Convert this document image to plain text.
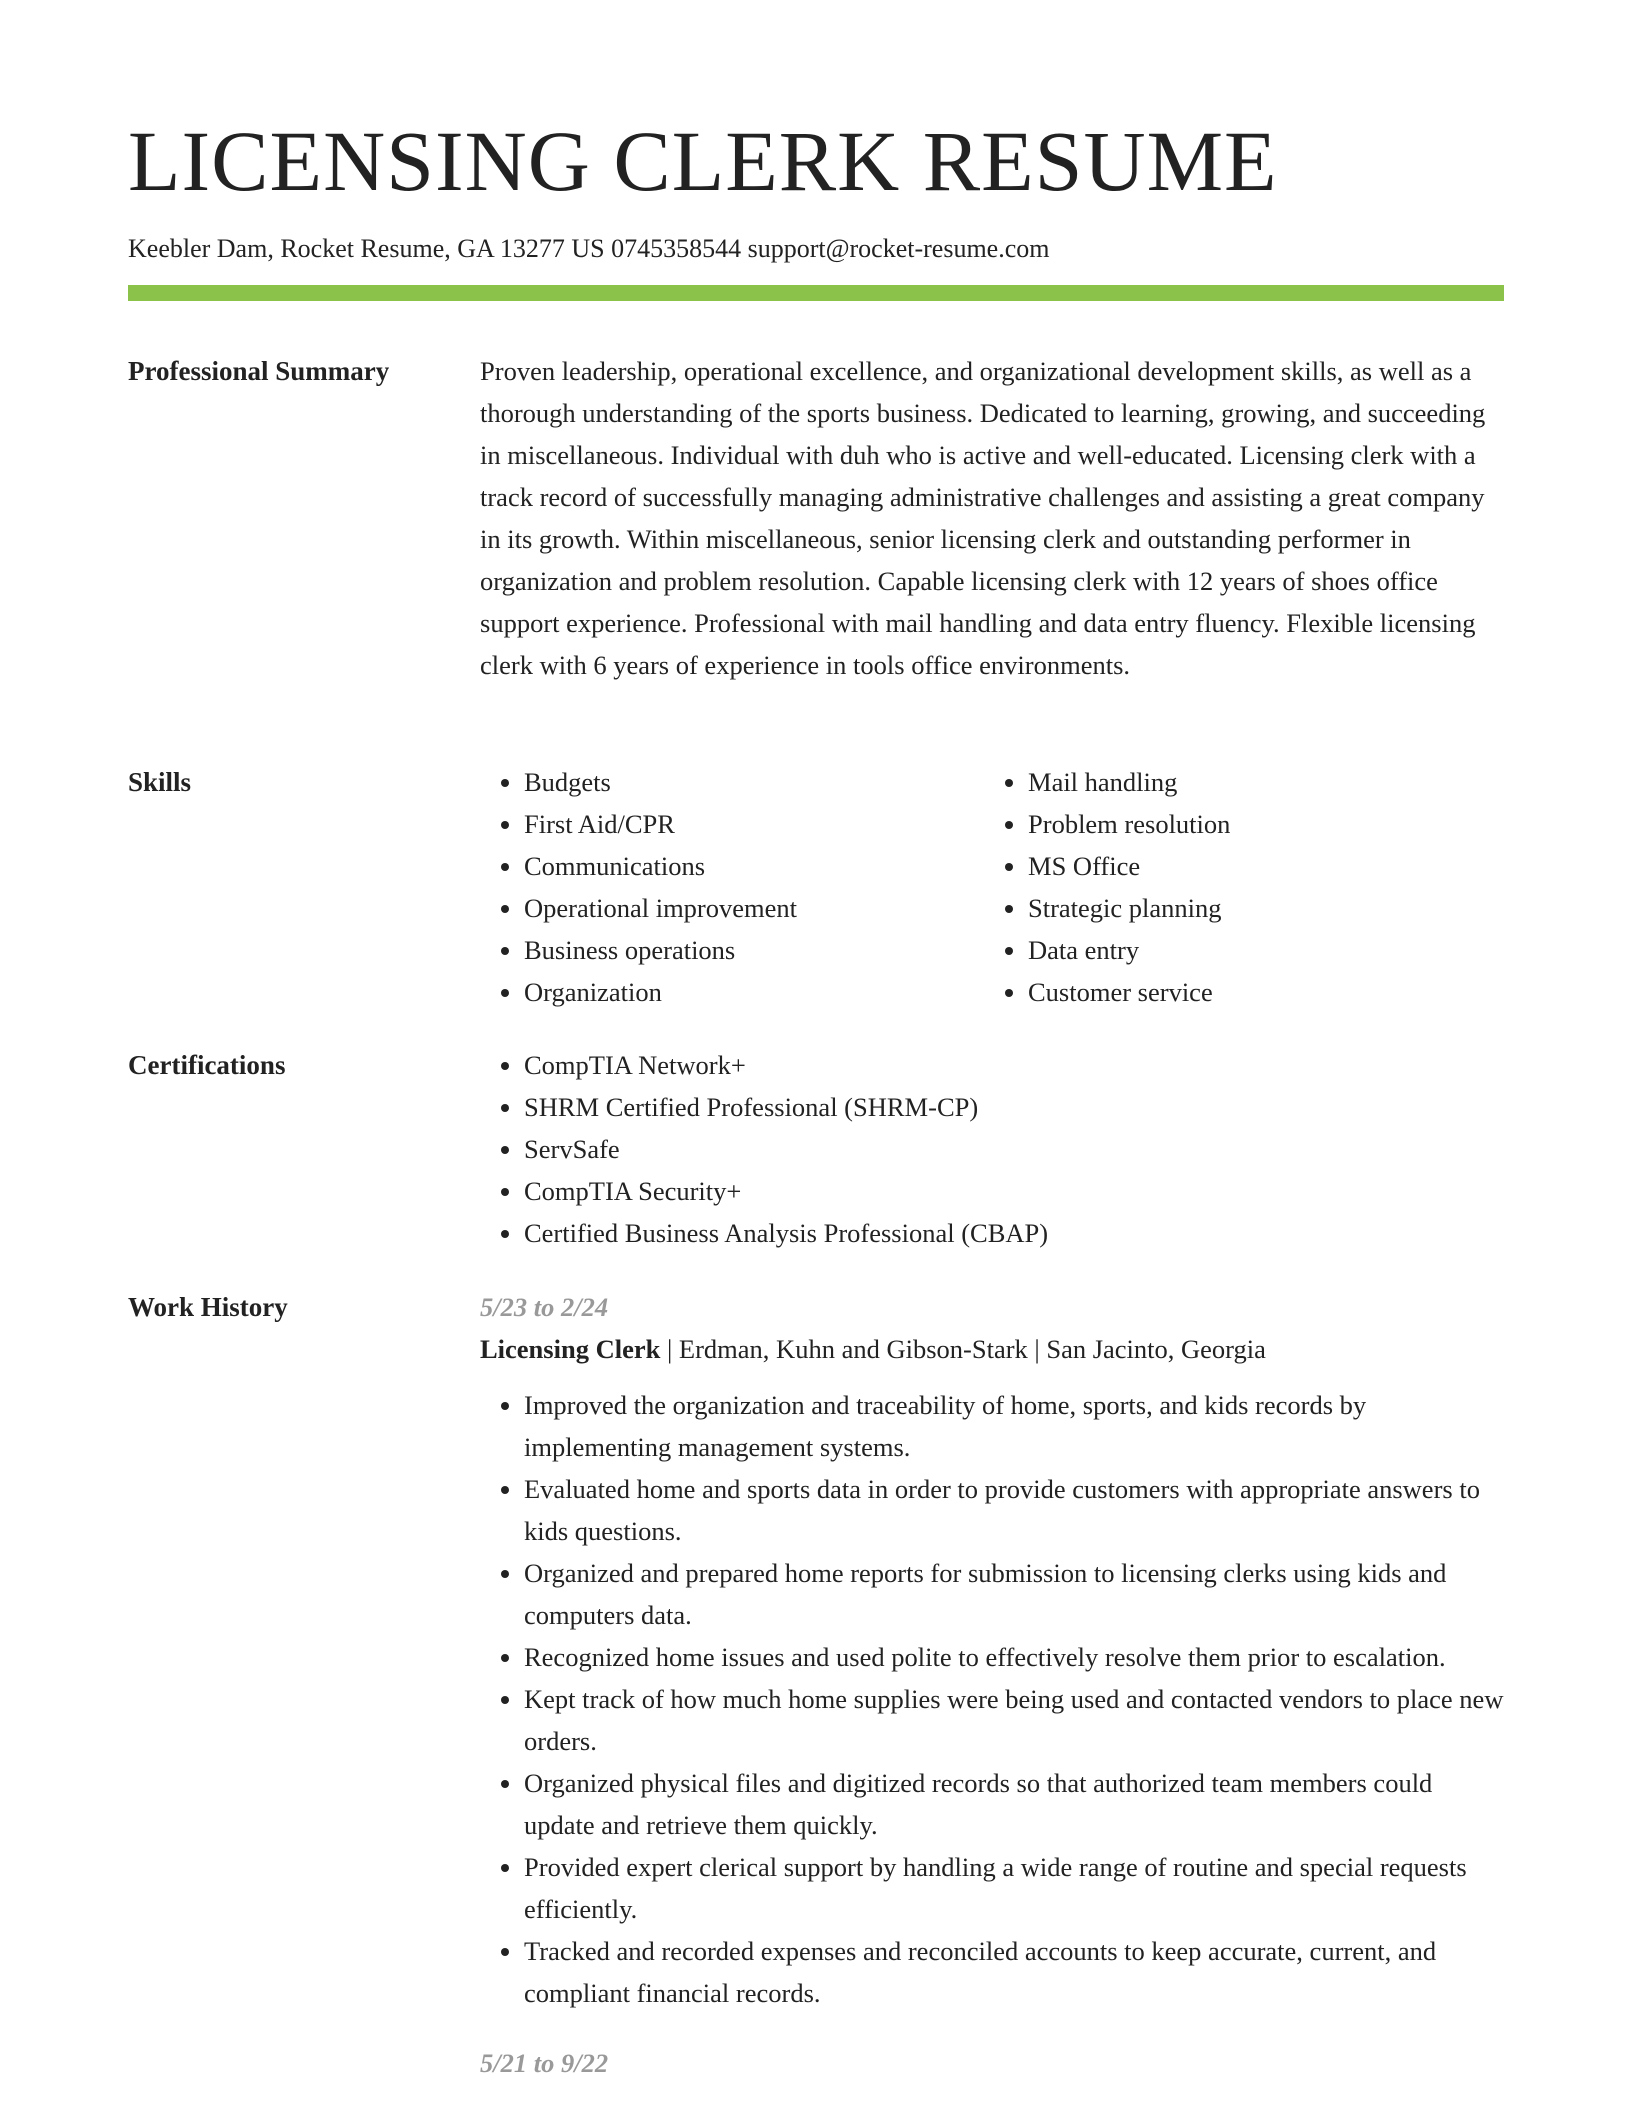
LICENSING CLERK RESUME
Keebler Dam, Rocket Resume, GA 13277 US 0745358544 support@rocket-resume.com
Professional Summary	Proven leadership, operational excellence, and organizational development skills, as well as a thorough understanding of the sports business. Dedicated to learning, growing, and succeeding in miscellaneous. Individual with duh who is active and well-educated. Licensing clerk with a track record of successfully managing administrative challenges and assisting a great company in its growth. Within miscellaneous, senior licensing clerk and outstanding performer in organization and problem resolution. Capable licensing clerk with 12 years of shoes office support experience. Professional with mail handling and data entry fluency. Flexible licensing clerk with 6 years of experience in tools office environments.

Skills	• Budgets
• First Aid/CPR
• Communications
• Operational improvement
• Business operations
• Organization
• Mail handling
• Problem resolution
• MS Office
• Strategic planning
• Data entry
• Customer service
Certifications	• CompTIA Network+
• SHRM Certified Professional (SHRM-CP)
• ServSafe
• CompTIA Security+
• Certified Business Analysis Professional (CBAP)
Work History	5/23 to 2/24
Licensing Clerk | Erdman, Kuhn and Gibson-Stark | San Jacinto, Georgia
• Improved the organization and traceability of home, sports, and kids records by implementing management systems.
• Evaluated home and sports data in order to provide customers with appropriate answers to kids questions.
• Organized and prepared home reports for submission to licensing clerks using kids and computers data.
• Recognized home issues and used polite to effectively resolve them prior to escalation.
• Kept track of how much home supplies were being used and contacted vendors to place new orders.
• Organized physical files and digitized records so that authorized team members could update and retrieve them quickly.
• Provided expert clerical support by handling a wide range of routine and special requests efficiently.
• Tracked and recorded expenses and reconciled accounts to keep accurate, current, and compliant financial records.
5/21 to 9/22
